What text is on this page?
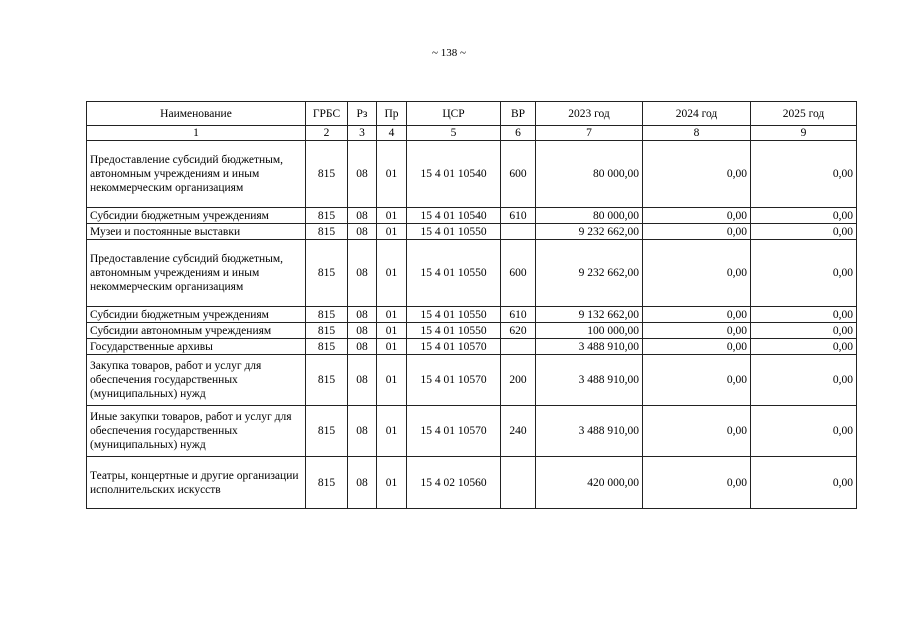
~ 138 ~
Наименование	ГРБС	Рз	Пр	ЦСР	ВР	2023 год	2024 год	2025 год
1	2	3	4	5	6	7	8	9
Предоставление субсидий бюджетным, автономным учреждениям и иным некоммерческим организациям	815	08	01	15 4 01 10540	600	80 000,00	0,00	0,00
Субсидии бюджетным учреждениям	815	08	01	15 4 01 10540	610	80 000,00	0,00	0,00
Музеи и постоянные выставки	815	08	01	15 4 01 10550		9 232 662,00	0,00	0,00
Предоставление субсидий бюджетным, автономным учреждениям и иным некоммерческим организациям	815	08	01	15 4 01 10550	600	9 232 662,00	0,00	0,00
Субсидии бюджетным учреждениям	815	08	01	15 4 01 10550	610	9 132 662,00	0,00	0,00
Субсидии автономным учреждениям	815	08	01	15 4 01 10550	620	100 000,00	0,00	0,00
Государственные архивы	815	08	01	15 4 01 10570		3 488 910,00	0,00	0,00
Закупка товаров, работ и услуг для обеспечения государственных (муниципальных) нужд	815	08	01	15 4 01 10570	200	3 488 910,00	0,00	0,00
Иные закупки товаров, работ и услуг для обеспечения государственных (муниципальных) нужд	815	08	01	15 4 01 10570	240	3 488 910,00	0,00	0,00
Театры, концертные и другие организации исполнительских искусств	815	08	01	15 4 02 10560		420 000,00	0,00	0,00
